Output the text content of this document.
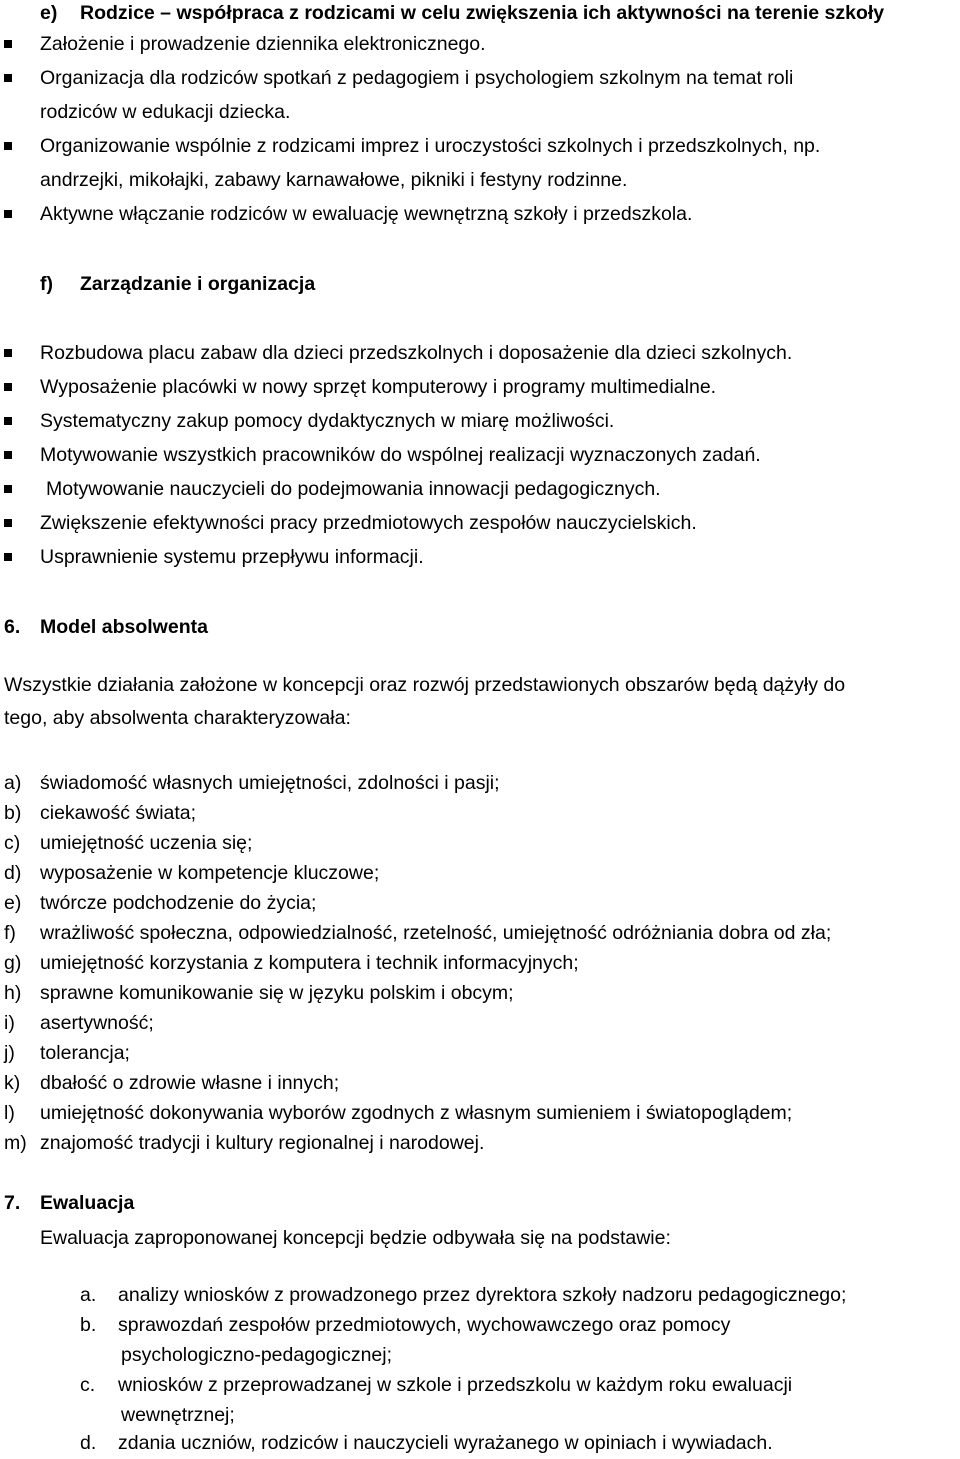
e) Rodzice – współpraca z rodzicami w celu zwiększenia ich aktywności na terenie szkoły
Założenie i prowadzenie dziennika elektronicznego.
Organizacja dla rodziców spotkań z pedagogiem i psychologiem szkolnym na temat roli
rodziców w edukacji dziecka.
Organizowanie wspólnie z rodzicami imprez i uroczystości szkolnych i przedszkolnych, np.
andrzejki, mikołajki, zabawy karnawałowe, pikniki i festyny rodzinne.
Aktywne włączanie rodziców w ewaluację wewnętrzną szkoły i przedszkola.
f) Zarządzanie i organizacja
Rozbudowa placu zabaw dla dzieci przedszkolnych i doposażenie dla dzieci szkolnych.
Wyposażenie placówki w nowy sprzęt komputerowy i programy multimedialne.
Systematyczny zakup pomocy dydaktycznych w miarę możliwości.
Motywowanie wszystkich pracowników do wspólnej realizacji wyznaczonych zadań.
Motywowanie nauczycieli do podejmowania innowacji pedagogicznych.
Zwiększenie efektywności pracy przedmiotowych zespołów nauczycielskich.
Usprawnienie systemu przepływu informacji.
6. Model absolwenta
Wszystkie działania założone w koncepcji oraz rozwój przedstawionych obszarów będą dążyły do
tego, aby absolwenta charakteryzowała:
a) świadomość własnych umiejętności, zdolności i pasji;
b) ciekawość świata;
c) umiejętność uczenia się;
d) wyposażenie w kompetencje kluczowe;
e) twórcze podchodzenie do życia;
f) wrażliwość społeczna, odpowiedzialność, rzetelność, umiejętność odróżniania dobra od zła;
g) umiejętność korzystania z komputera i technik informacyjnych;
h) sprawne komunikowanie się w języku polskim i obcym;
i) asertywność;
j) tolerancja;
k) dbałość o zdrowie własne i innych;
l) umiejętność dokonywania wyborów zgodnych z własnym sumieniem i światopoglądem;
m) znajomość tradycji i kultury regionalnej i narodowej.
7. Ewaluacja
Ewaluacja zaproponowanej koncepcji będzie odbywała się na podstawie:
a. analizy wniosków z prowadzonego przez dyrektora szkoły nadzoru pedagogicznego;
b. sprawozdań zespołów przedmiotowych, wychowawczego oraz pomocy
psychologiczno-pedagogicznej;
c. wniosków z przeprowadzanej w szkole i przedszkolu w każdym roku ewaluacji
wewnętrznej;
d. zdania uczniów, rodziców i nauczycieli wyrażanego w opiniach i wywiadach.
